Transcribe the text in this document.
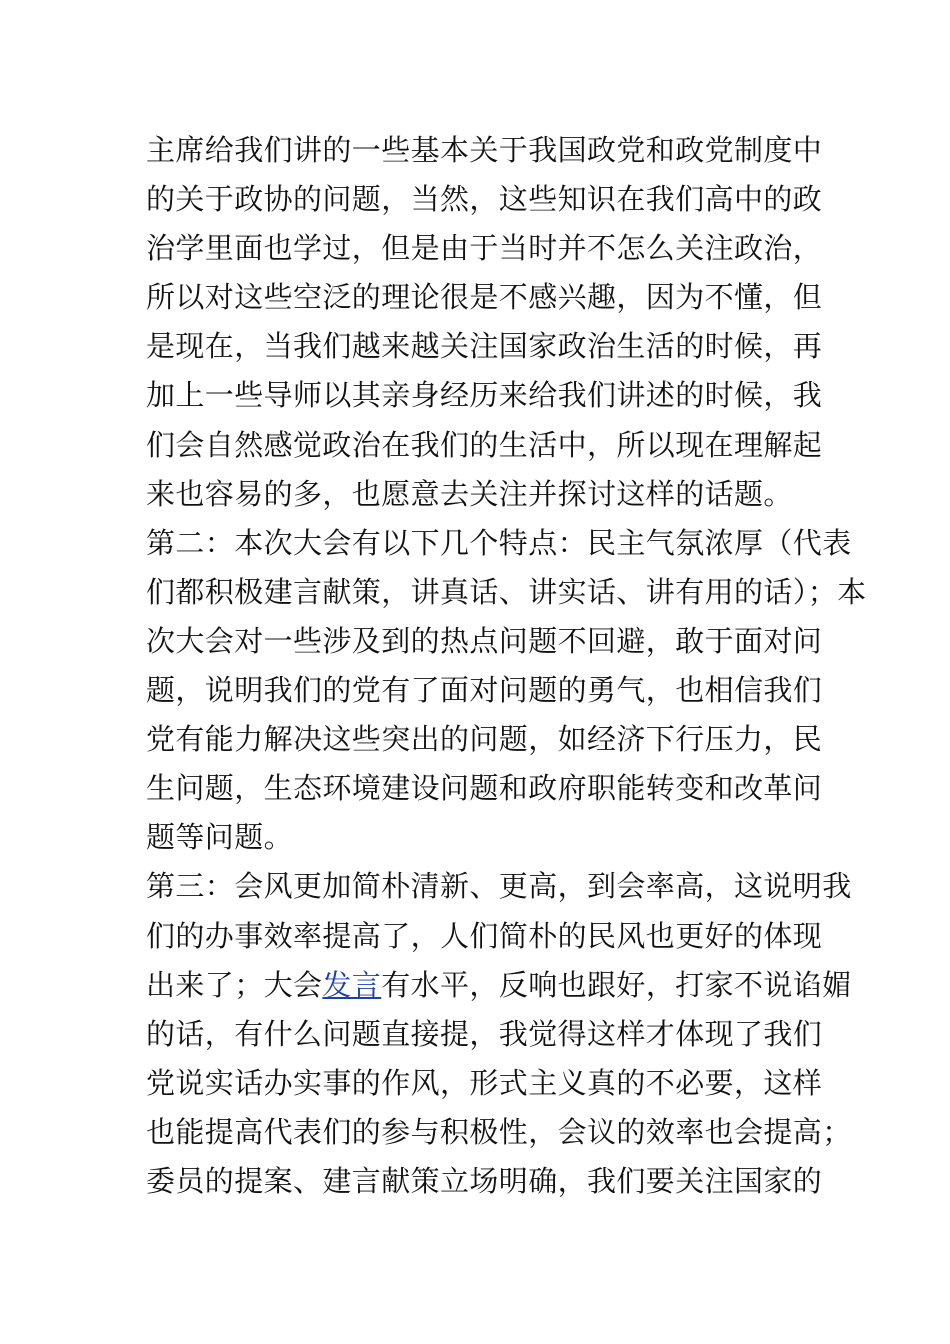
主席给我们讲的一些基本关于我国政党和政党制度中
的关于政协的问题，当然，这些知识在我们高中的政
治学里面也学过，但是由于当时并不怎么关注政治，
所以对这些空泛的理论很是不感兴趣，因为不懂，但
是现在，当我们越来越关注国家政治生活的时候，再
加上一些导师以其亲身经历来给我们讲述的时候，我
们会自然感觉政治在我们的生活中，所以现在理解起
来也容易的多，也愿意去关注并探讨这样的话题。
第二：本次大会有以下几个特点：民主气氛浓厚（代表
们都积极建言献策，讲真话、讲实话、讲有用的话）；本
次大会对一些涉及到的热点问题不回避，敢于面对问
题，说明我们的党有了面对问题的勇气，也相信我们
党有能力解决这些突出的问题，如经济下行压力，民
生问题，生态环境建设问题和政府职能转变和改革问
题等问题。
第三：会风更加简朴清新、更高，到会率高，这说明我
们的办事效率提高了，人们简朴的民风也更好的体现
出来了；大会发言有水平，反响也跟好，打家不说谄媚
的话，有什么问题直接提，我觉得这样才体现了我们
党说实话办实事的作风，形式主义真的不必要，这样
也能提高代表们的参与积极性，会议的效率也会提高；
委员的提案、建言献策立场明确，我们要关注国家的
